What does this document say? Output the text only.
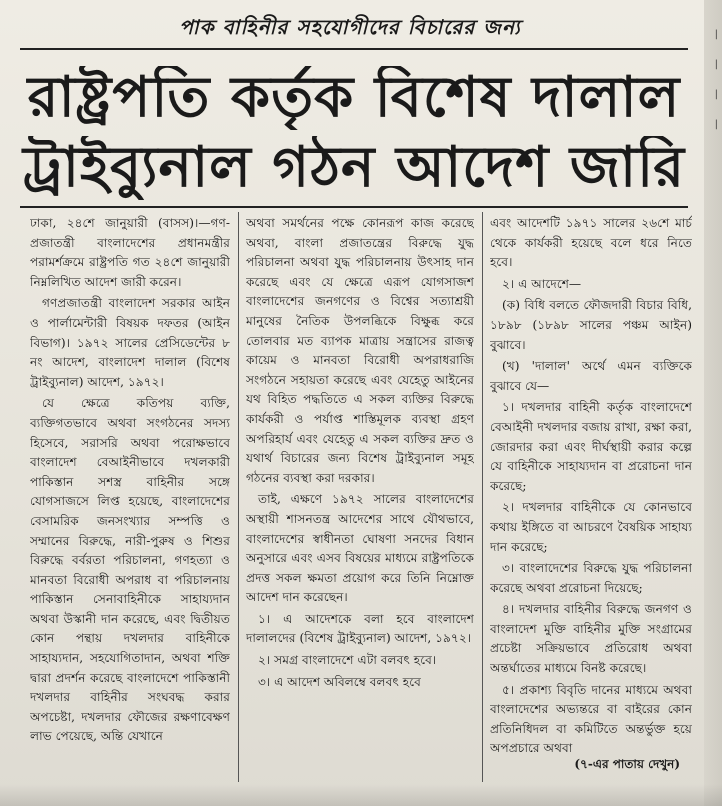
পাক বাহিনীর সহযোগীদের বিচারের জন্য
রাষ্ট্রপতি কর্তৃক বিশেষ দালাল
ট্রাইব্যুনাল গঠন আদেশ জারি

ঢাকা, ২৪শে জানুয়ারী (বাসস)।—গণ-প্রজাতন্ত্রী বাংলাদেশের প্রধানমন্ত্রীর পরামর্শক্রমে রাষ্ট্রপতি গত ২৪শে জানুয়ারী নিম্নলিখিত আদেশ জারী করেন।

গণপ্রজাতন্ত্রী বাংলাদেশ সরকার আইন ও পার্লামেন্টারী বিষয়ক দফতর (আইন বিভাগ)। ১৯৭২ সালের প্রেসিডেন্টের ৮ নং আদেশ, বাংলাদেশ দালাল (বিশেষ ট্রাইব্যুনাল) আদেশ, ১৯৭২।

যে ক্ষেত্রে কতিপয় ব্যক্তি, ব্যক্তিগতভাবে অথবা সংগঠনের সদস্য হিসেবে, সরাসরি অথবা পরোক্ষভাবে বাংলাদেশ বেআইনীভাবে দখলকারী পাকিস্তান সশস্ত্র বাহিনীর সঙ্গে যোগসাজসে লিপ্ত হয়েছে, বাংলাদেশের বেসামরিক জনসংখ্যার সম্পত্তি ও সম্মানের বিরুদ্ধে, নারী-পুরুষ ও শিশুর বিরুদ্ধে বর্বরতা পরিচালনা, গণহত্যা ও মানবতা বিরোধী অপরাধ বা পরিচালনায় পাকিস্তান সেনাবাহিনীকে সাহায্যদান অথবা উস্কানী দান করেছে, এবং দ্বিতীয়ত কোন পন্থায় দখলদার বাহিনীকে সাহায্যদান, সহযোগিতাদান, অথবা শক্তি দ্বারা প্রদর্শন করেছে বাংলাদেশে পাকিস্তানী দখলদার বাহিনীর সংঘবদ্ধ করার অপচেষ্টা, দখলদার ফৌজের রক্ষণাবেক্ষণ লাভ পেয়েছে, অন্তি যেখানে

অথবা সমর্থনের পক্ষে কোনরূপ কাজ করেছে অথবা, বাংলা প্রজাতন্ত্রের বিরুদ্ধে যুদ্ধ পরিচালনা অথবা যুদ্ধ পরিচালনায় উৎসাহ দান করেছে এবং যে ক্ষেত্রে এরূপ যোগসাজশ বাংলাদেশের জনগণের ও বিশ্বের সত্যাশ্রয়ী মানুষের নৈতিক উপলব্ধিকে বিক্ষুব্ধ করে তোলবার মত ব্যাপক মাত্রায় সন্ত্রাসের রাজত্ব কায়েম ও মানবতা বিরোধী অপরাধরাজি সংগঠনে সহায়তা করেছে এবং যেহেতু আইনের যথ বিহিত পদ্ধতিতে এ সকল ব্যক্তির বিরুদ্ধে কার্যকরী ও পর্যাপ্ত শাস্তিমূলক ব্যবস্থা গ্রহণ অপরিহার্য এবং যেহেতু এ সকল ব্যক্তির দ্রুত ও যথার্থ বিচারের জন্য বিশেষ ট্রাইব্যুনাল সমূহ গঠনের ব্যবস্থা করা দরকার।

তাই, এক্ষণে ১৯৭২ সালের বাংলাদেশের অস্থায়ী শাসনতন্ত্র আদেশের সাথে যৌথভাবে, বাংলাদেশের স্বাধীনতা ঘোষণা সনদের বিধান অনুসারে এবং এসব বিষয়ের মাধ্যমে রাষ্ট্রপতিকে প্রদত্ত সকল ক্ষমতা প্রয়োগ করে তিনি নিম্নোক্ত আদেশ দান করেছেন।

১। এ আদেশকে বলা হবে বাংলাদেশ দালালদের (বিশেষ ট্রাইব্যুনাল) আদেশ, ১৯৭২।

২। সমগ্র বাংলাদেশে এটা বলবৎ হবে।

৩। এ আদেশ অবিলম্বে বলবৎ হবে

এবং আদেশটি ১৯৭১ সালের ২৬শে মার্চ থেকে কার্যকরী হয়েছে বলে ধরে নিতে হবে।

২। এ আদেশে—

(ক) বিধি বলতে ফৌজদারী বিচার বিধি, ১৮৯৮ (১৮৯৮ সালের পঞ্চম আইন) বুঝাবে।

(খ) 'দালাল' অর্থে এমন ব্যক্তিকে বুঝাবে যে—

১। দখলদার বাহিনী কর্তৃক বাংলাদেশে বেআইনী দখলদার বজায় রাখা, রক্ষা করা, জোরদার করা এবং দীর্ঘস্থায়ী করার কল্পে যে বাহিনীকে সাহায্যদান বা প্ররোচনা দান করেছে;

২। দখলদার বাহিনীকে যে কোনভাবে কথায় ইঙ্গিতে বা আচরণে বৈষয়িক সাহায্য দান করেছে;

৩। বাংলাদেশের বিরুদ্ধে যুদ্ধ পরিচালনা করেছে অথবা প্ররোচনা দিয়েছে;

৪। দখলদার বাহিনীর বিরুদ্ধে জনগণ ও বাংলাদেশ মুক্তি বাহিনীর মুক্তি সংগ্রামের প্রচেষ্টা সক্রিয়ভাবে প্রতিরোধ অথবা অন্তর্ঘাতের মাধ্যমে বিনষ্ট করেছে।

৫। প্রকাশ্য বিবৃতি দানের মাধ্যমে অথবা বাংলাদেশের অভ্যন্তরে বা বাইরের কোন প্রতিনিধিদল বা কমিটিতে অন্তর্ভুক্ত হয়ে অপপ্রচারে অথবা

(৭-এর পাতায় দেখুন)
|
|
|
|
